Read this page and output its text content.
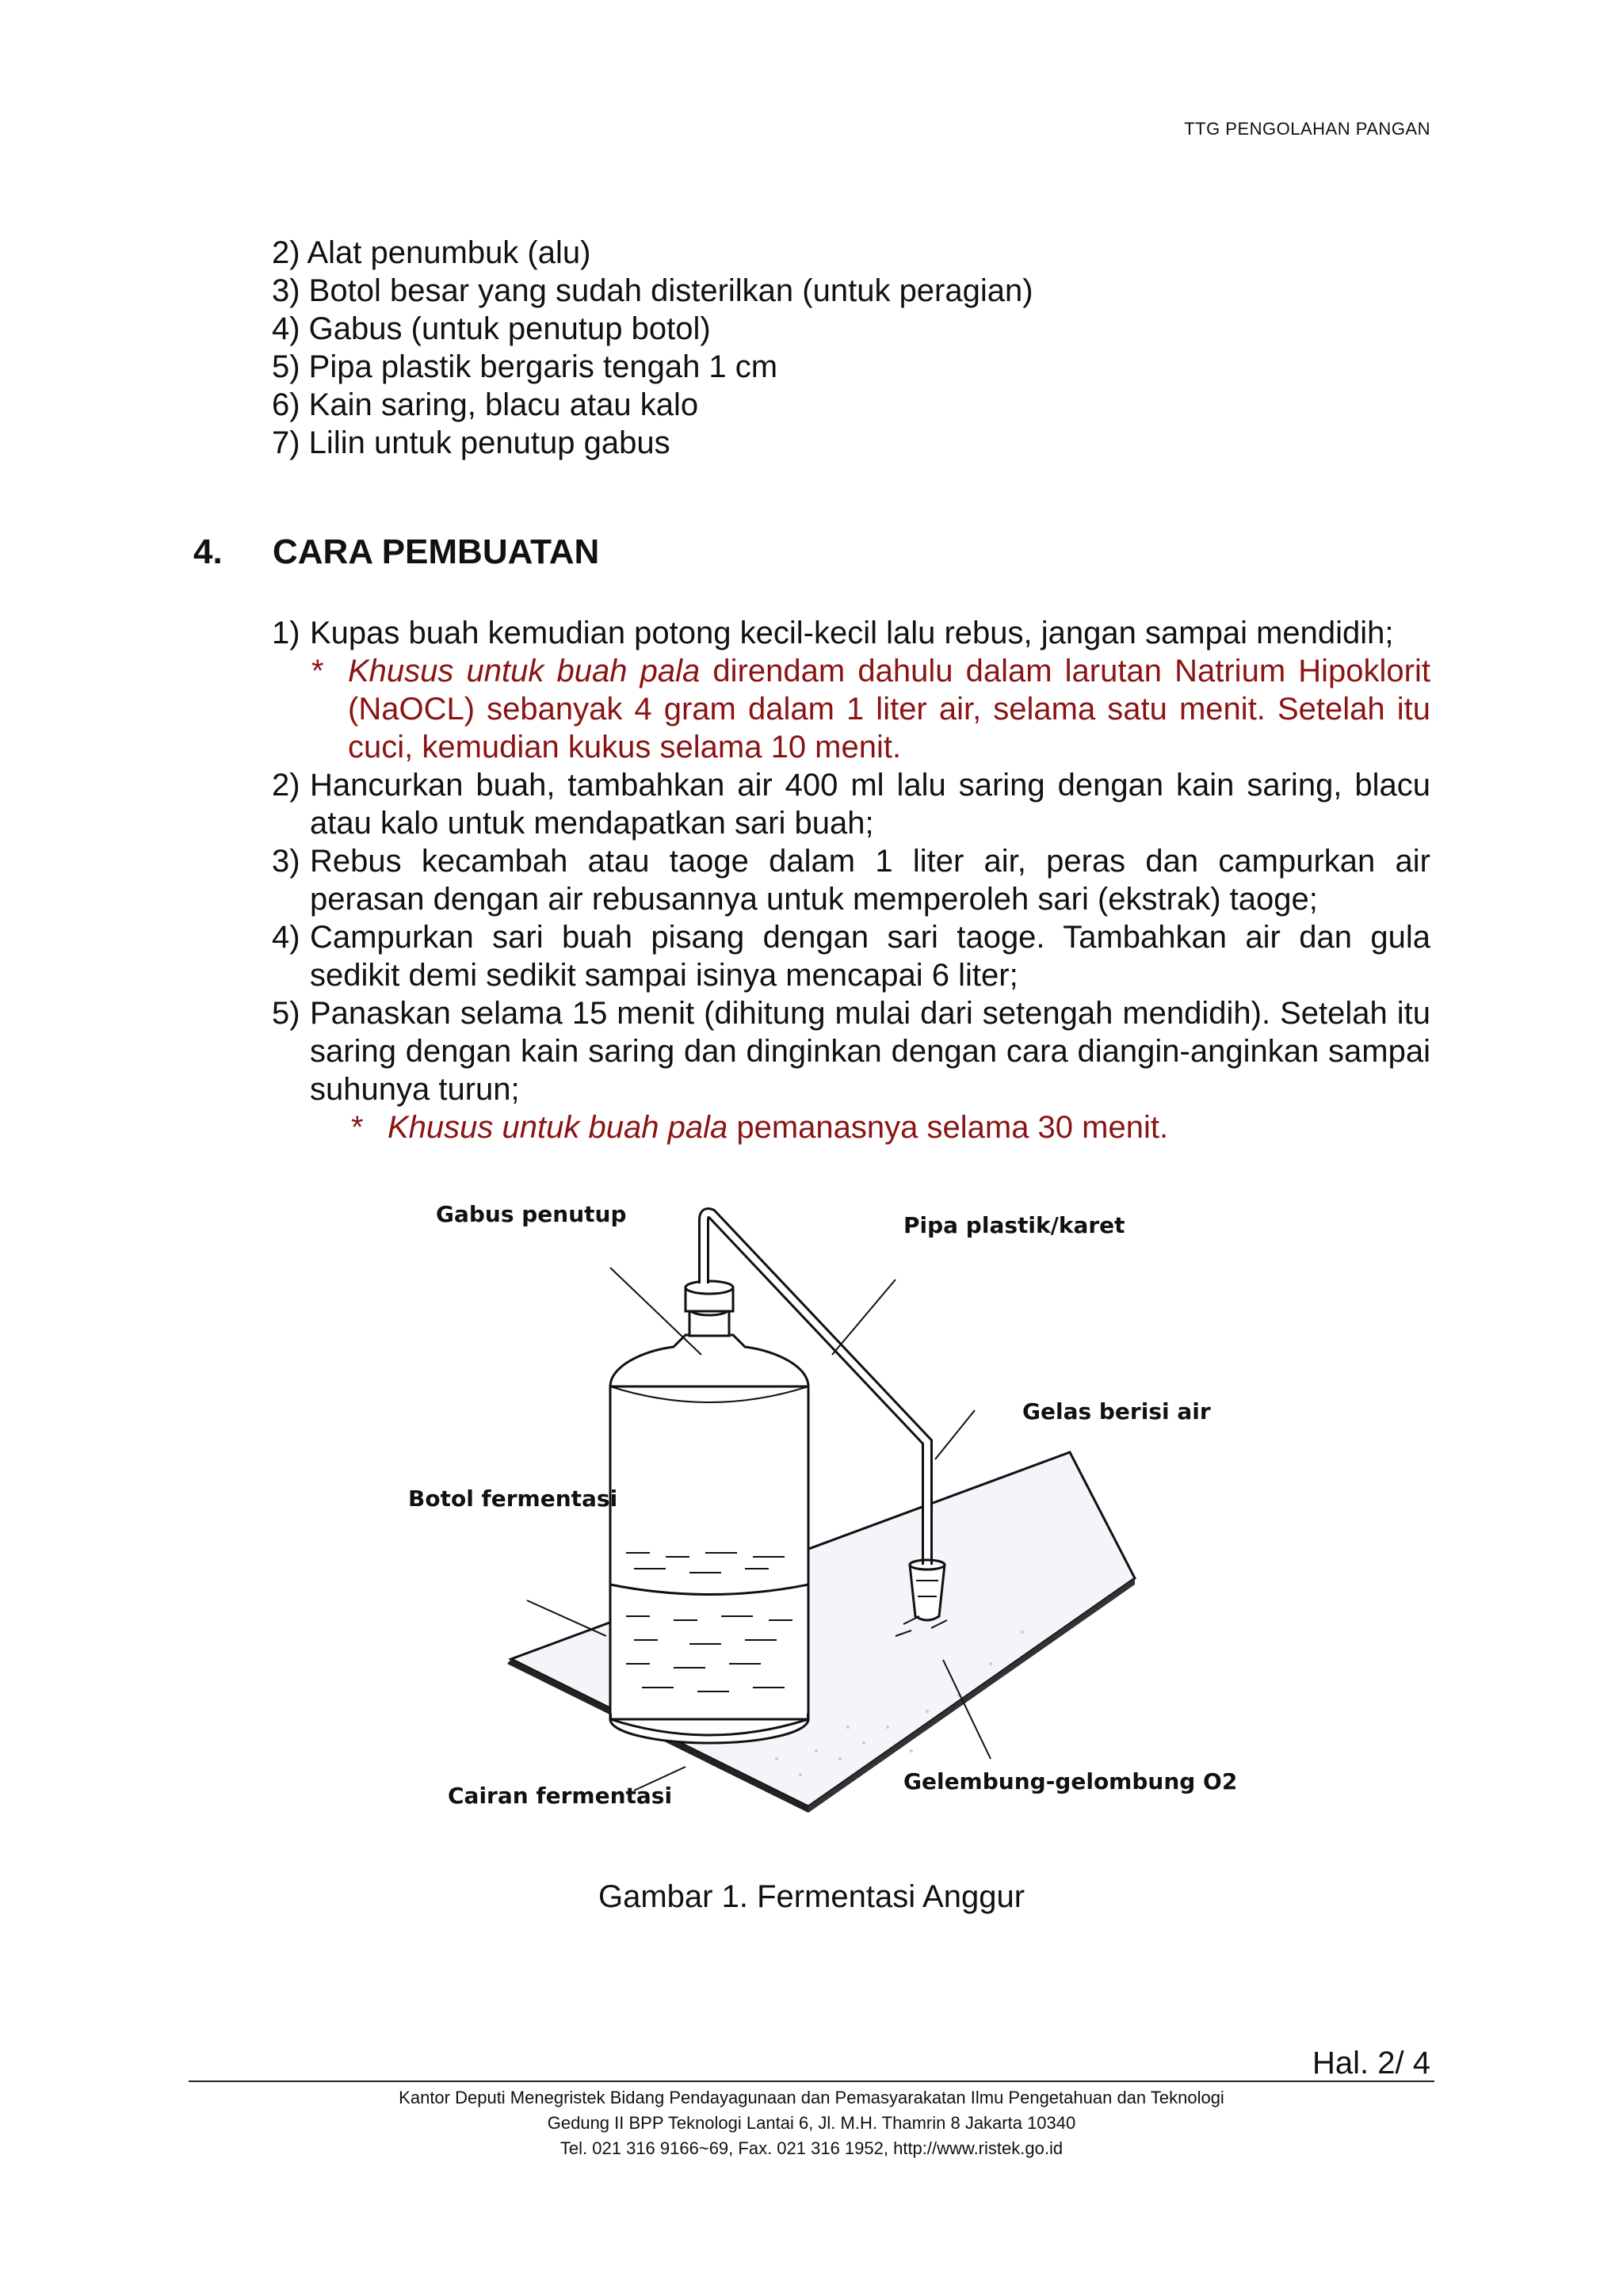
TTG PENGOLAHAN PANGAN
2) Alat penumbuk (alu)
3) Botol besar yang sudah disterilkan (untuk peragian)
4) Gabus (untuk penutup botol)
5) Pipa plastik bergaris tengah 1 cm
6) Kain saring, blacu atau kalo
7) Lilin untuk penutup gabus
4. CARA PEMBUATAN
1) Kupas buah kemudian potong kecil-kecil lalu rebus, jangan sampai mendidih;
* Khusus untuk buah pala direndam dahulu dalam larutan Natrium Hipoklorit (NaOCL) sebanyak 4 gram dalam 1 liter air, selama satu menit. Setelah itu cuci, kemudian kukus selama 10 menit.
2) Hancurkan buah, tambahkan air 400 ml lalu saring dengan kain saring, blacu atau kalo untuk mendapatkan sari buah;
3) Rebus kecambah atau taoge dalam 1 liter air, peras dan campurkan air perasan dengan air rebusannya untuk memperoleh sari (ekstrak) taoge;
4) Campurkan sari buah pisang dengan sari taoge. Tambahkan air dan gula sedikit demi sedikit sampai isinya mencapai 6 liter;
5) Panaskan selama 15 menit (dihitung mulai dari setengah mendidih). Setelah itu saring dengan kain saring dan dinginkan dengan cara diangin-anginkan sampai suhunya turun;
* Khusus untuk buah pala pemanasnya selama 30 menit.
Gabus penutup	Pipa plastik/karet
Gelas berisi air
Botol fermentasi
Cairan fermentasi
Gelembung-gelombung O2
Gambar 1. Fermentasi Anggur
Hal. 2/ 4
Kantor Deputi Menegristek Bidang Pendayagunaan dan Pemasyarakatan Ilmu Pengetahuan dan Teknologi
Gedung II BPP Teknologi Lantai 6, Jl. M.H. Thamrin 8 Jakarta 10340
Tel. 021 316 9166~69, Fax. 021 316 1952, http://www.ristek.go.id
